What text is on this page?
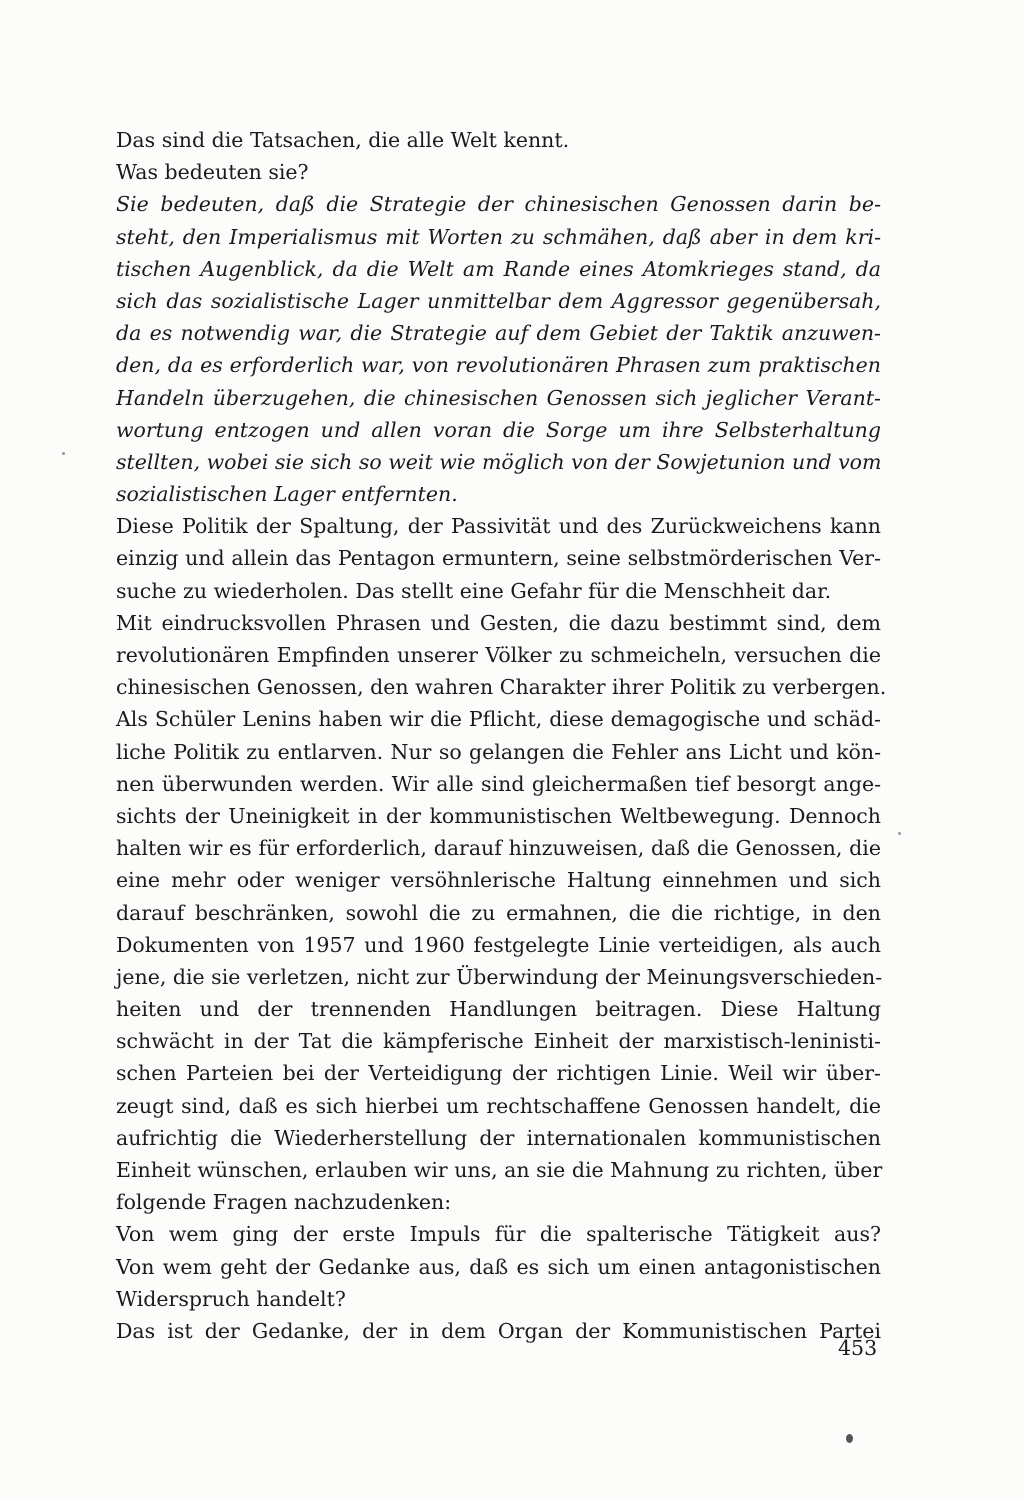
Das sind die Tatsachen, die alle Welt kennt.
Was bedeuten sie?
Sie bedeuten, daß die Strategie der chinesischen Genossen darin be-
steht, den Imperialismus mit Worten zu schmähen, daß aber in dem kri-
tischen Augenblick, da die Welt am Rande eines Atomkrieges stand, da
sich das sozialistische Lager unmittelbar dem Aggressor gegenübersah,
da es notwendig war, die Strategie auf dem Gebiet der Taktik anzuwen-
den, da es erforderlich war, von revolutionären Phrasen zum praktischen
Handeln überzugehen, die chinesischen Genossen sich jeglicher Verant-
wortung entzogen und allen voran die Sorge um ihre Selbsterhaltung
stellten, wobei sie sich so weit wie möglich von der Sowjetunion und vom
sozialistischen Lager entfernten.
Diese Politik der Spaltung, der Passivität und des Zurückweichens kann
einzig und allein das Pentagon ermuntern, seine selbstmörderischen Ver-
suche zu wiederholen. Das stellt eine Gefahr für die Menschheit dar.
Mit eindrucksvollen Phrasen und Gesten, die dazu bestimmt sind, dem
revolutionären Empfinden unserer Völker zu schmeicheln, versuchen die
chinesischen Genossen, den wahren Charakter ihrer Politik zu verbergen.
Als Schüler Lenins haben wir die Pflicht, diese demagogische und schäd-
liche Politik zu entlarven. Nur so gelangen die Fehler ans Licht und kön-
nen überwunden werden. Wir alle sind gleichermaßen tief besorgt ange-
sichts der Uneinigkeit in der kommunistischen Weltbewegung. Dennoch
halten wir es für erforderlich, darauf hinzuweisen, daß die Genossen, die
eine mehr oder weniger versöhnlerische Haltung einnehmen und sich
darauf beschränken, sowohl die zu ermahnen, die die richtige, in den
Dokumenten von 1957 und 1960 festgelegte Linie verteidigen, als auch
jene, die sie verletzen, nicht zur Überwindung der Meinungsverschieden-
heiten und der trennenden Handlungen beitragen. Diese Haltung
schwächt in der Tat die kämpferische Einheit der marxistisch-leninisti-
schen Parteien bei der Verteidigung der richtigen Linie. Weil wir über-
zeugt sind, daß es sich hierbei um rechtschaffene Genossen handelt, die
aufrichtig die Wiederherstellung der internationalen kommunistischen
Einheit wünschen, erlauben wir uns, an sie die Mahnung zu richten, über
folgende Fragen nachzudenken:
Von wem ging der erste Impuls für die spalterische Tätigkeit aus?
Von wem geht der Gedanke aus, daß es sich um einen antagonistischen
Widerspruch handelt?
Das ist der Gedanke, der in dem Organ der Kommunistischen Partei
453
